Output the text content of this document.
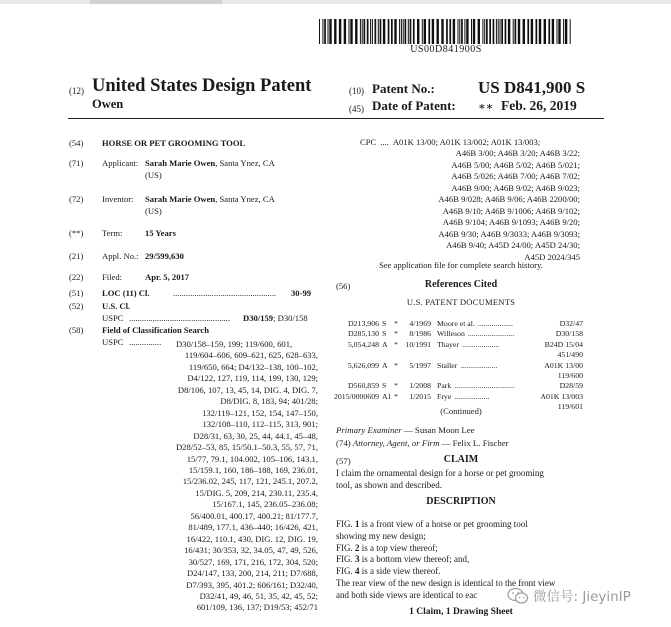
US00D841900S
(12) United States Design Patent
Owen
(10) Patent No.:	US D841,900 S
(45) Date of Patent: ∗∗ Feb. 26, 2019
(54)	HORSE OR PET GROOMING TOOL
(71)	Applicant: Sarah Marie Owen, Santa Ynez, CA
(US)
(72)	Inventor: Sarah Marie Owen, Santa Ynez, CA
(US)
(**)	Term:	15 Years
(21)	Appl. No.: 29/599,630
(22)	Filed:	Apr. 5, 2017
(51)	LOC (11) Cl.	................................................ 30-99
(52)	U.S. Cl.
USPC ............................................... D30/159; D30/158
(58)	Field of Classification Search
USPC ...............	D30/158–159, 199; 119/600, 601,
119/604–606, 609–621, 625, 628–633,
119/650, 664; D4/132–138, 100–102,
D4/122, 127, 119, 114, 199, 130, 129;
D8/106, 107, 13, 45, 14, DIG. 4, DIG. 7,
D8/DIG. 8, 183, 94; 401/28;
132/119–121, 152, 154, 147–150,
132/108–110, 112–115, 313, 901;
D28/31, 63, 30, 25, 44, 44.1, 45–48,
D28/52–53, 85, 15/50.1–50.3, 55, 57, 71,
15/77, 79.1, 104.002, 105–106, 143.1,
15/159.1, 160, 186–188, 169, 236.01,
15/236.02, 245, 117, 121, 245.1, 207.2,
15/DIG. 5, 209, 214, 230.11, 235.4,
15/167.1, 145, 236.05–236.08;
56/400.01, 400.17, 400.21; 81/177.7,
81/489, 177.1, 436–440; 16/426, 421,
16/422, 110.1, 430, DIG. 12, DIG. 19,
16/431; 30/353, 32, 34.05, 47, 49, 526,
30/527, 169, 171, 216, 172, 304, 520;
D24/147, 133, 200, 214, 211; D7/688,
D7/393, 395, 401.2; 606/161; D32/40,
D32/41, 49, 46, 51, 35, 42, 45, 52;
601/109, 136, 137; D19/53; 452/71
CPC .... A01K 13/00; A01K 13/002; A01K 13/003;
A46B 3/00; A46B 3/20; A46B 3/22;
A46B 5/00; A46B 5/02; A46B 5/021;
A46B 5/026; A46B 7/00; A46B 7/02;
A46B 9/00; A46B 9/02; A46B 9/023;
A46B 9/028; A46B 9/06; A46B 2200/00;
A46B 9/10; A46B 9/1006; A46B 9/102;
A46B 9/104; A46B 9/1093; A46B 9/20;
A46B 9/30; A46B 9/3033; A46B 9/3093;
A46B 9/40; A45D 24/00; A45D 24/30;
A45D 2024/345
See application file for complete search history.
(56)	References Cited
U.S. PATENT DOCUMENTS
D213,906 S *	4/1969 Moore et al. ..................	D32/47
D285,130 S *	8/1986 Willeson ........................	D30/158
5,054,248 A * 10/1991 Thayer ...................	B24D 15/04
451/490
5,626,099 A *	5/1997 Staller ...................	A01K 13/00
119/600
D560,859 S *	1/2008 Park ...............................	D28/59
2015/0000609 A1 *	1/2015 Frye ..................	A01K 13/003
119/601
(Continued)
Primary Examiner — Susan Moon Lee
(74) Attorney, Agent, or Firm — Felix L. Fischer
(57)	CLAIM
I claim the ornamental design for a horse or pet grooming
tool, as shown and described.
DESCRIPTION
FIG. 1 is a front view of a horse or pet grooming tool
showing my new design;
FIG. 2 is a top view thereof;
FIG. 3 is a bottom view thereof; and,
FIG. 4 is a side view thereof.
The rear view of the new design is identical to the front view
and both side views are identical to eac
1 Claim, 1 Drawing Sheet
微信号: JieyinIP
